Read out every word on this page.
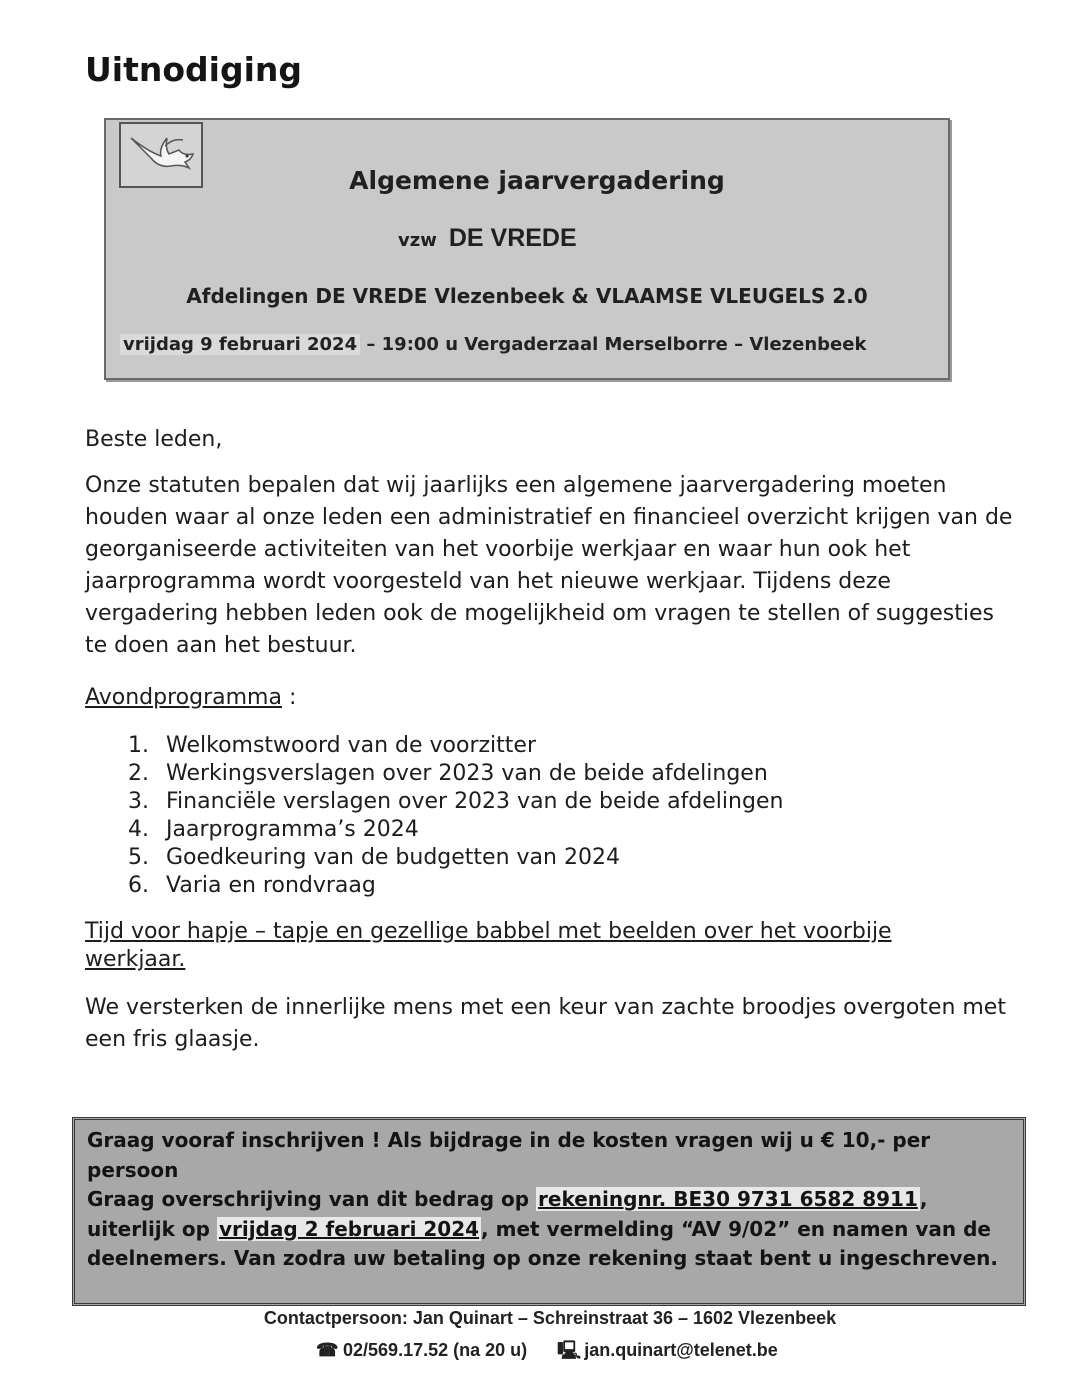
Uitnodiging
Algemene jaarvergadering
vzw DE VREDE
Afdelingen DE VREDE Vlezenbeek & VLAAMSE VLEUGELS 2.0
vrijdag 9 februari 2024 – 19:00 u Vergaderzaal Merselborre – Vlezenbeek
Beste leden,
Onze statuten bepalen dat wij jaarlijks een algemene jaarvergadering moeten houden waar al onze leden een administratief en financieel overzicht krijgen van de georganiseerde activiteiten van het voorbije werkjaar en waar hun ook het jaarprogramma wordt voorgesteld van het nieuwe werkjaar. Tijdens deze vergadering hebben leden ook de mogelijkheid om vragen te stellen of suggesties te doen aan het bestuur.
Avondprogramma :
1. Welkomstwoord van de voorzitter
2. Werkingsverslagen over 2023 van de beide afdelingen
3. Financiële verslagen over 2023 van de beide afdelingen
4. Jaarprogramma’s 2024
5. Goedkeuring van de budgetten van 2024
6. Varia en rondvraag
Tijd voor hapje – tapje en gezellige babbel met beelden over het voorbije werkjaar.
We versterken de innerlijke mens met een keur van zachte broodjes overgoten met een fris glaasje.
Graag vooraf inschrijven ! Als bijdrage in de kosten vragen wij u € 10,- per persoon
Graag overschrijving van dit bedrag op rekeningnr. BE30 9731 6582 8911 , uiterlijk op vrijdag 2 februari 2024 , met vermelding “AV 9/02” en namen van de deelnemers. Van zodra uw betaling op onze rekening staat bent u ingeschreven.
Contactpersoon: Jan Quinart – Schreinstraat 36 – 1602 Vlezenbeek
☎ 02/569.17.52 (na 20 u) 🖳 jan.quinart@telenet.be
